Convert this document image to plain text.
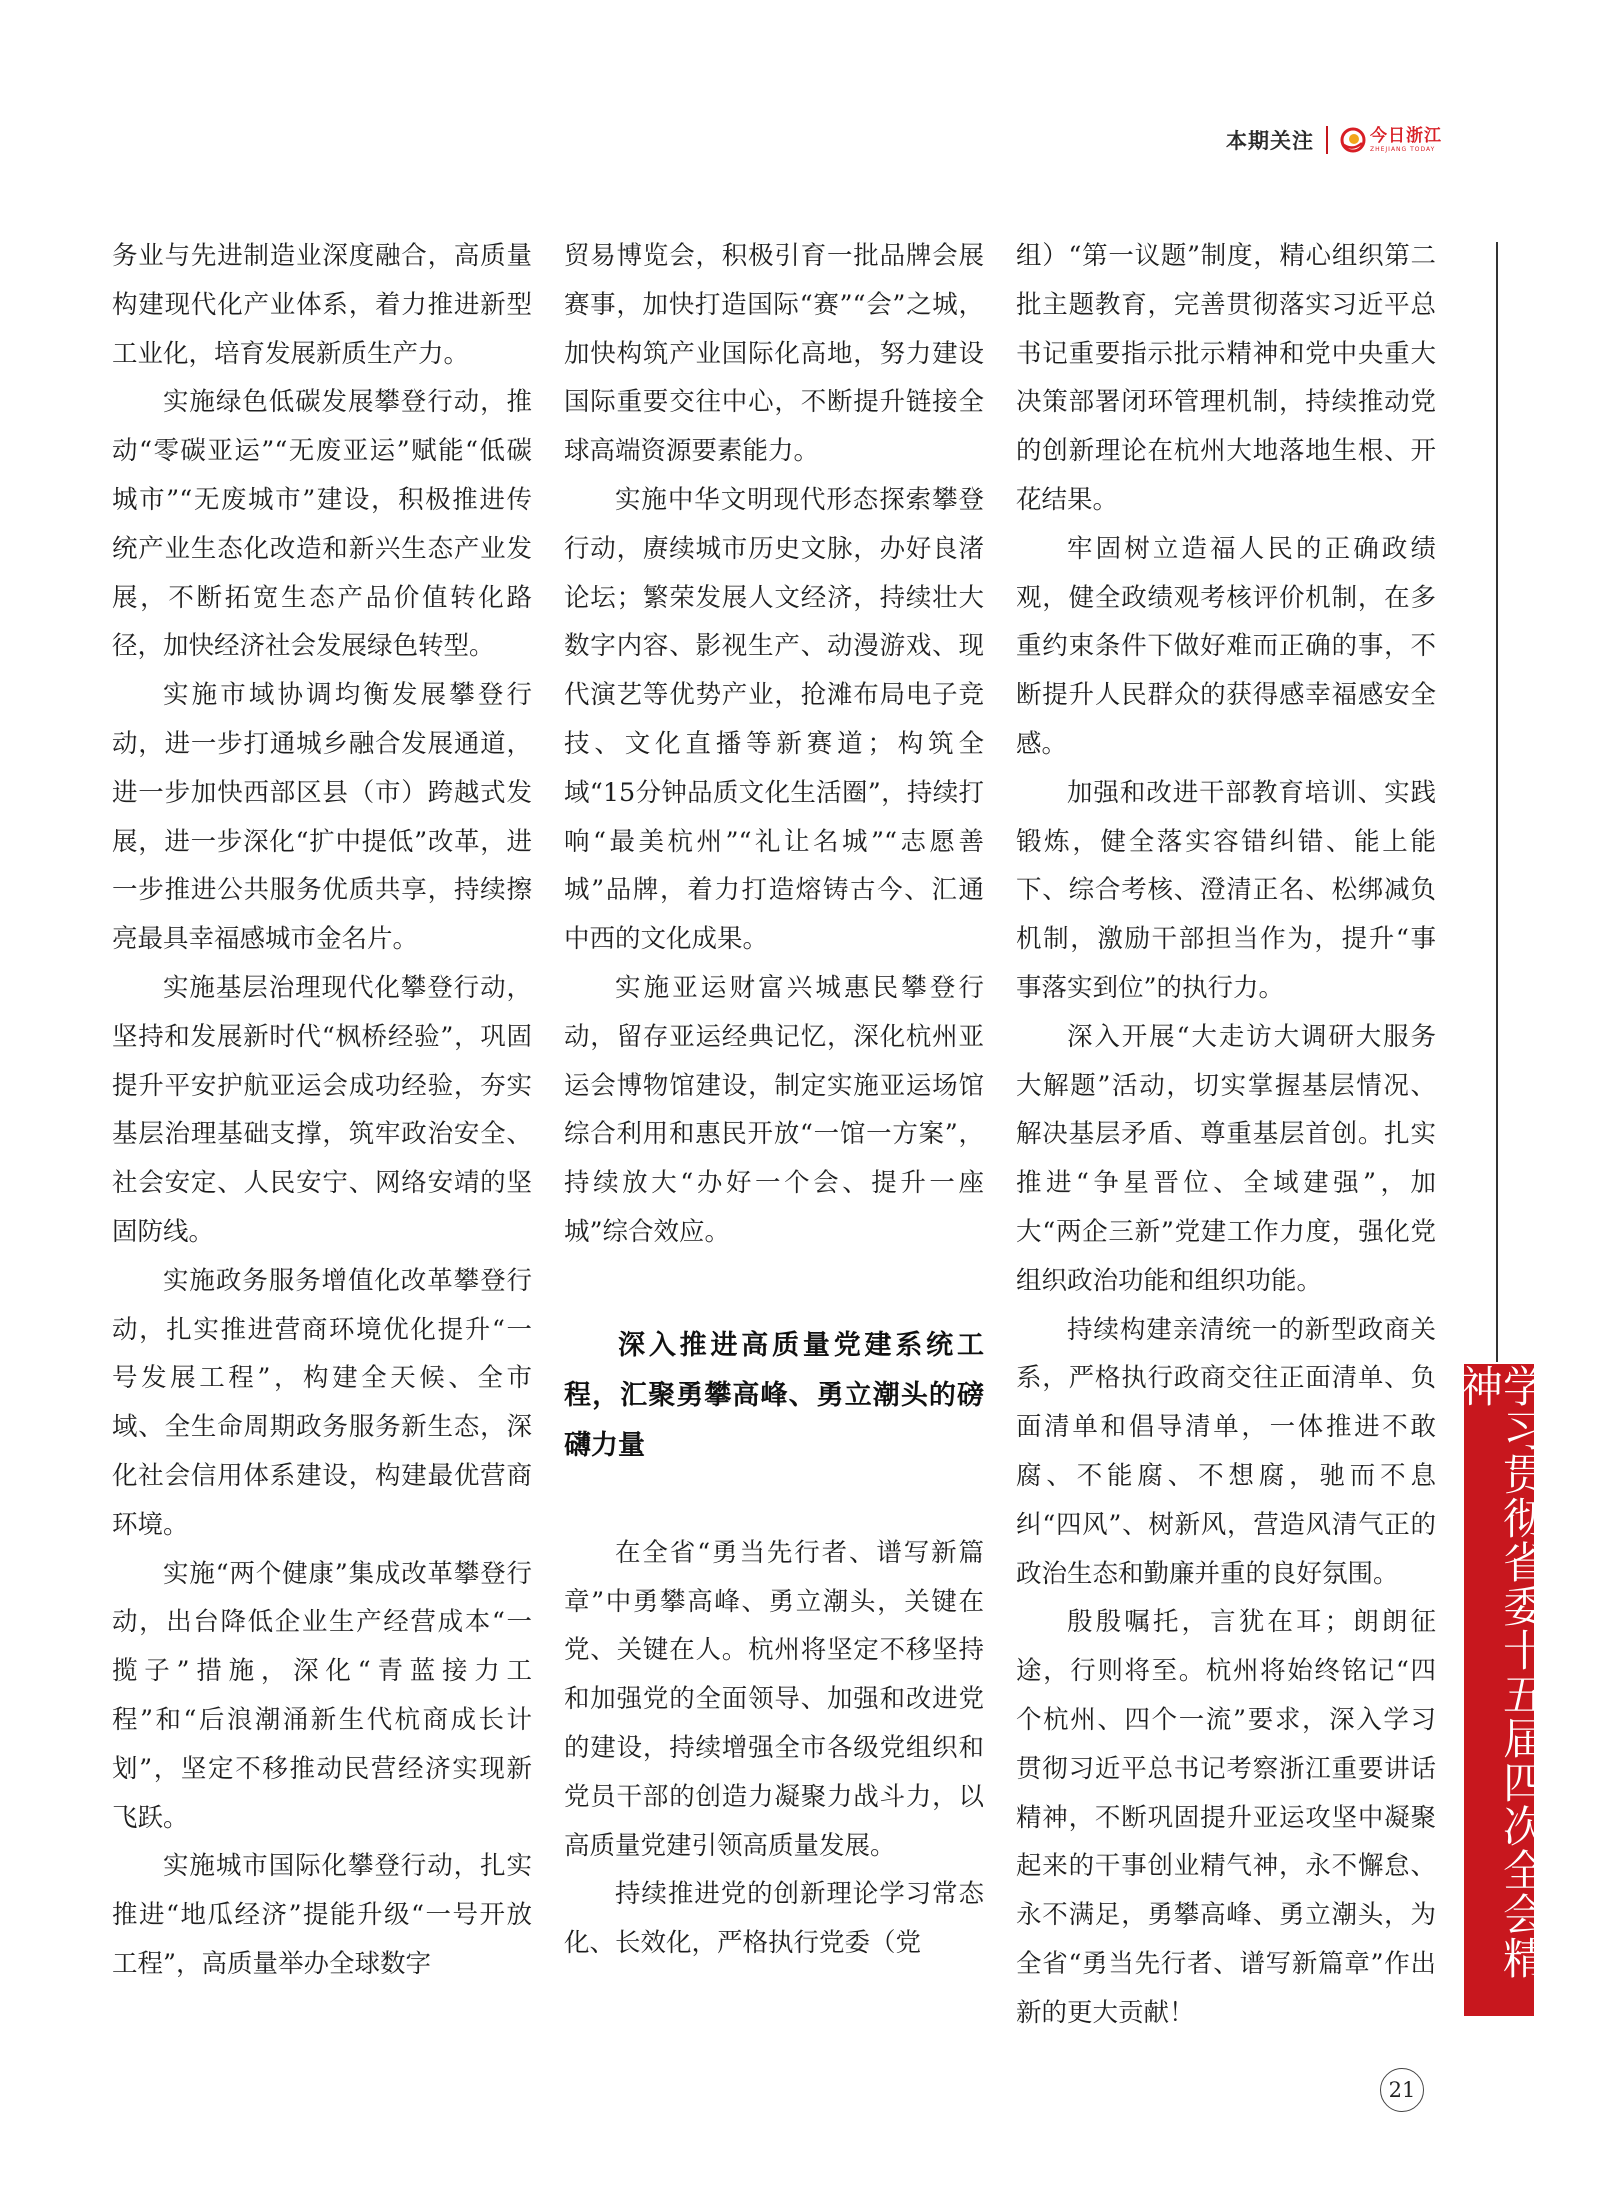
本期关注	今日浙江
ZHEJIANG TODAY

务业与先进制造业深度融合，高质量构建现代化产业体系，着力推进新型工业化，培育发展新质生产力。

实施绿色低碳发展攀登行动，推动“零碳亚运”“无废亚运”赋能“低碳城市”“无废城市”建设，积极推进传统产业生态化改造和新兴生态产业发展，不断拓宽生态产品价值转化路径，加快经济社会发展绿色转型。

实施市域协调均衡发展攀登行动，进一步打通城乡融合发展通道，进一步加快西部区县（市）跨越式发展，进一步深化“扩中提低”改革，进一步推进公共服务优质共享，持续擦亮最具幸福感城市金名片。

实施基层治理现代化攀登行动，坚持和发展新时代“枫桥经验”，巩固提升平安护航亚运会成功经验，夯实基层治理基础支撑，筑牢政治安全、社会安定、人民安宁、网络安靖的坚固防线。

实施政务服务增值化改革攀登行动，扎实推进营商环境优化提升“一号发展工程”，构建全天候、全市域、全生命周期政务服务新生态，深化社会信用体系建设，构建最优营商环境。

实施“两个健康”集成改革攀登行动，出台降低企业生产经营成本“一揽子”措施，深化“青蓝接力工程”和“后浪潮涌新生代杭商成长计划”，坚定不移推动民营经济实现新飞跃。

实施城市国际化攀登行动，扎实推进“地瓜经济”提能升级“一号开放工程”，高质量举办全球数字

贸易博览会，积极引育一批品牌会展赛事，加快打造国际“赛”“会”之城，加快构筑产业国际化高地，努力建设国际重要交往中心，不断提升链接全球高端资源要素能力。

实施中华文明现代形态探索攀登行动，赓续城市历史文脉，办好良渚论坛；繁荣发展人文经济，持续壮大数字内容、影视生产、动漫游戏、现代演艺等优势产业，抢滩布局电子竞技、文化直播等新赛道；构筑全域“15分钟品质文化生活圈”，持续打响“最美杭州”“礼让名城”“志愿善城”品牌，着力打造熔铸古今、汇通中西的文化成果。

实施亚运财富兴城惠民攀登行动，留存亚运经典记忆，深化杭州亚运会博物馆建设，制定实施亚运场馆综合利用和惠民开放“一馆一方案”，持续放大“办好一个会、提升一座城”综合效应。

深入推进高质量党建系统工程，汇聚勇攀高峰、勇立潮头的磅礴力量

在全省“勇当先行者、谱写新篇章”中勇攀高峰、勇立潮头，关键在党、关键在人。杭州将坚定不移坚持和加强党的全面领导、加强和改进党的建设，持续增强全市各级党组织和党员干部的创造力凝聚力战斗力，以高质量党建引领高质量发展。

持续推进党的创新理论学习常态化、长效化，严格执行党委（党

组）“第一议题”制度，精心组织第二批主题教育，完善贯彻落实习近平总书记重要指示批示精神和党中央重大决策部署闭环管理机制，持续推动党的创新理论在杭州大地落地生根、开花结果。

牢固树立造福人民的正确政绩观，健全政绩观考核评价机制，在多重约束条件下做好难而正确的事，不断提升人民群众的获得感幸福感安全感。

加强和改进干部教育培训、实践锻炼，健全落实容错纠错、能上能下、综合考核、澄清正名、松绑减负机制，激励干部担当作为，提升“事事落实到位”的执行力。

深入开展“大走访大调研大服务大解题”活动，切实掌握基层情况、解决基层矛盾、尊重基层首创。扎实推进“争星晋位、全域建强”，加大“两企三新”党建工作力度，强化党组织政治功能和组织功能。

持续构建亲清统一的新型政商关系，严格执行政商交往正面清单、负面清单和倡导清单，一体推进不敢腐、不能腐、不想腐，驰而不息纠“四风”、树新风，营造风清气正的政治生态和勤廉并重的良好氛围。

殷殷嘱托，言犹在耳；朗朗征途，行则将至。杭州将始终铭记“四个杭州、四个一流”要求，深入学习贯彻习近平总书记考察浙江重要讲话精神，不断巩固提升亚运攻坚中凝聚起来的干事创业精气神，永不懈怠、永不满足，勇攀高峰、勇立潮头，为全省“勇当先行者、谱写新篇章”作出新的更大贡献！

学习贯彻省委十五届四次全会精神
21
